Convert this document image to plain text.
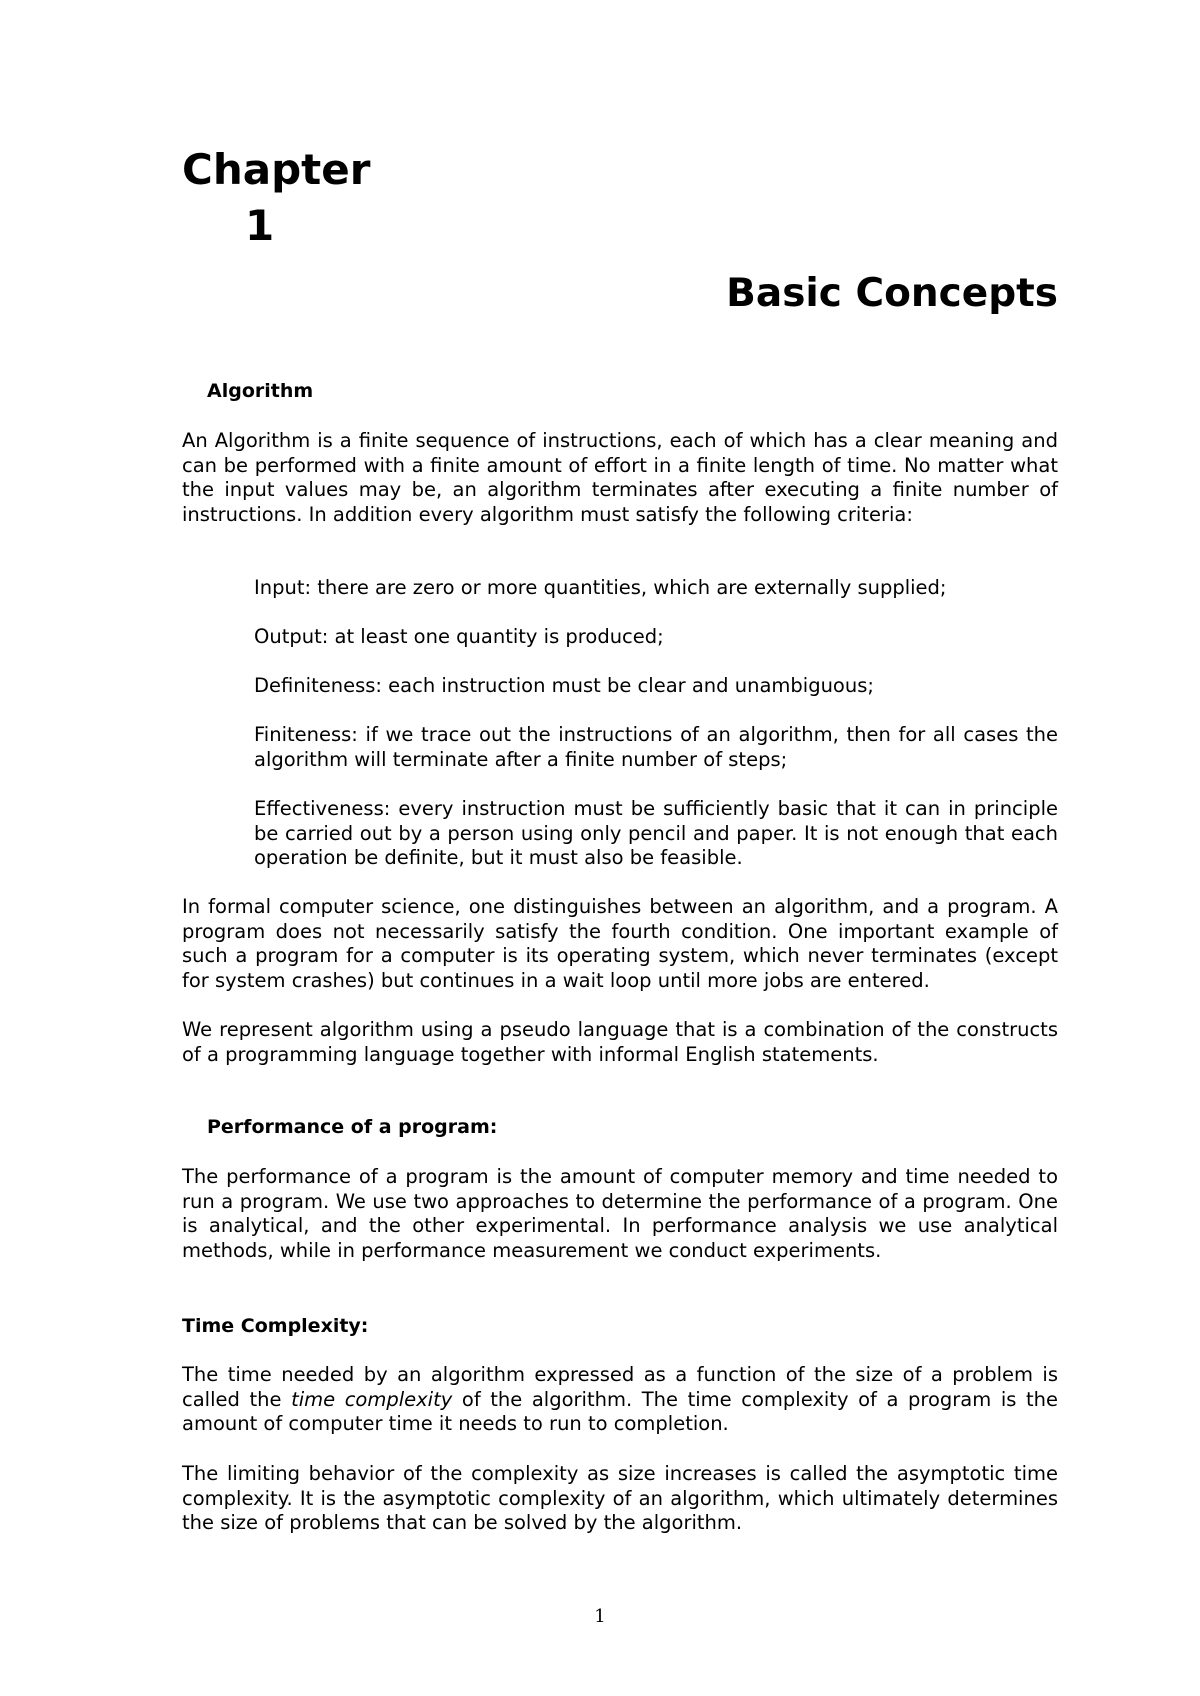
Chapter
1
Basic Concepts
Algorithm

An Algorithm is a finite sequence of instructions, each of which has a clear meaning and can be performed with a finite amount of effort in a finite length of time. No matter what the input values may be, an algorithm terminates after executing a finite number of instructions. In addition every algorithm must satisfy the following criteria:

Input: there are zero or more quantities, which are externally supplied;

Output: at least one quantity is produced;

Definiteness: each instruction must be clear and unambiguous;

Finiteness: if we trace out the instructions of an algorithm, then for all cases the algorithm will terminate after a finite number of steps;

Effectiveness: every instruction must be sufficiently basic that it can in principle be carried out by a person using only pencil and paper. It is not enough that each operation be definite, but it must also be feasible.

In formal computer science, one distinguishes between an algorithm, and a program. A program does not necessarily satisfy the fourth condition. One important example of such a program for a computer is its operating system, which never terminates (except for system crashes) but continues in a wait loop until more jobs are entered.

We represent algorithm using a pseudo language that is a combination of the constructs of a programming language together with informal English statements.

Performance of a program:

The performance of a program is the amount of computer memory and time needed to run a program. We use two approaches to determine the performance of a program. One is analytical, and the other experimental. In performance analysis we use analytical methods, while in performance measurement we conduct experiments.

Time Complexity:

The time needed by an algorithm expressed as a function of the size of a problem is called the time complexity of the algorithm. The time complexity of a program is the amount of computer time it needs to run to completion.

The limiting behavior of the complexity as size increases is called the asymptotic time complexity. It is the asymptotic complexity of an algorithm, which ultimately determines the size of problems that can be solved by the algorithm.

1
